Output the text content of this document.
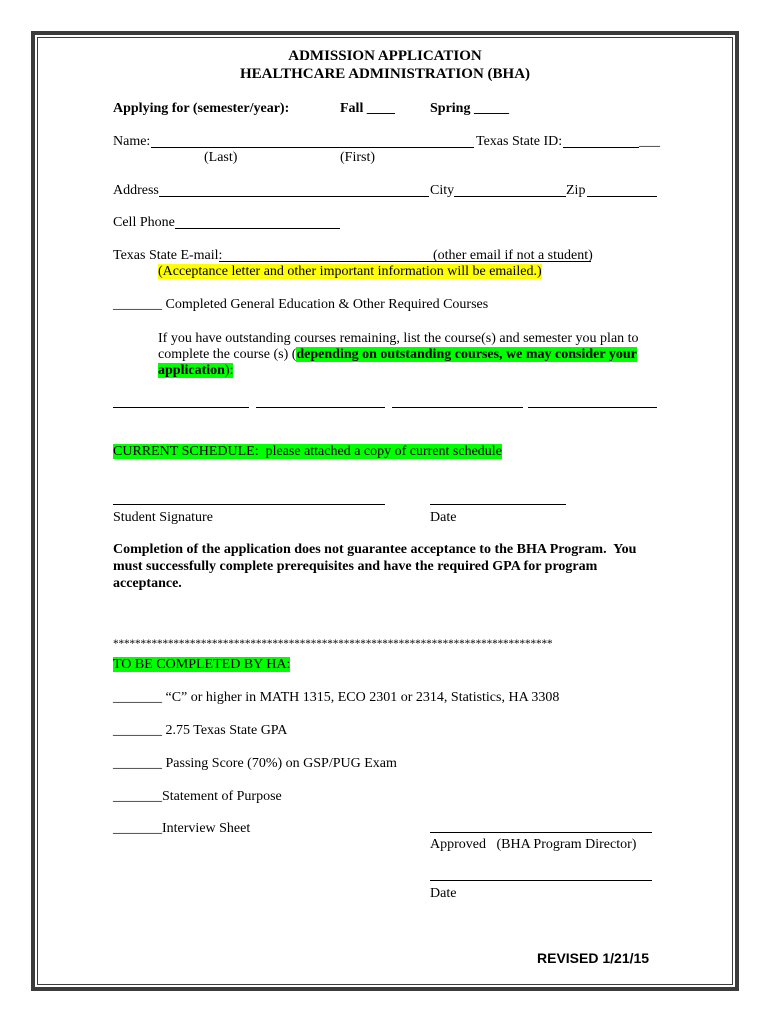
ADMISSION APPLICATION
HEALTHCARE ADMINISTRATION (BHA)
Applying for (semester/year):	Fall ____	Spring _____
Name:	Texas State ID:	___
(Last)	(First)
Address	City	Zip
Cell Phone
Texas State E-mail:	(other email if not a student)
(Acceptance letter and other important information will be emailed.)
_______ Completed General Education & Other Required Courses
If you have outstanding courses remaining, list the course(s) and semester you plan to
complete the course (s) (depending on outstanding courses, we may consider your
application):
CURRENT SCHEDULE:  please attached a copy of current schedule
Student Signature	Date
Completion of the application does not guarantee acceptance to the BHA Program.  You
must successfully complete prerequisites and have the required GPA for program
acceptance.
********************************************************************************
TO BE COMPLETED BY HA:
_______ “C” or higher in MATH 1315, ECO 2301 or 2314, Statistics, HA 3308
_______ 2.75 Texas State GPA
_______ Passing Score (70%) on GSP/PUG Exam
_______Statement of Purpose
_______Interview Sheet
Approved   (BHA Program Director)
Date
REVISED 1/21/15
